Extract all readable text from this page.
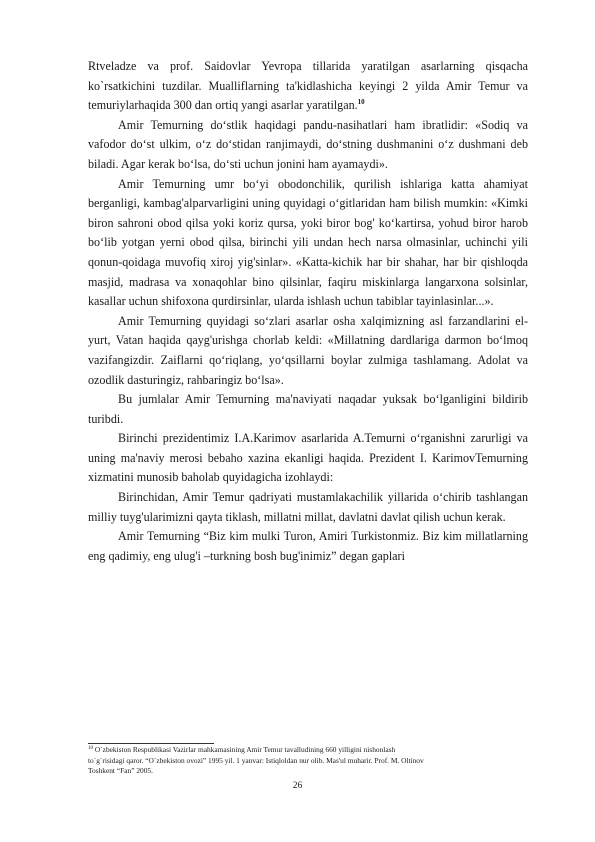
Rtveladze va prof. Saidovlar Yevropa tillarida yaratilgan asarlarning qisqacha ko`rsatkichini tuzdilar. Mualliflarning ta'kidlashicha keyingi 2 yilda Amir Temur va temuriylarhaqida 300 dan ortiq yangi asarlar yaratilgan.$^{10}$

Amir Temurning do‘stlik haqidagi pandu-nasihatlari ham ibratlidir: «Sodiq va vafodor do‘st ulkim, o‘z do‘stidan ranjimaydi, do‘stning dushmanini o‘z dushmani deb biladi. Agar kerak bo‘lsa, do‘sti uchun jonini ham ayamaydi».

Amir Temurning umr bo‘yi obodonchilik, qurilish ishlariga katta ahamiyat berganligi, kambag'alparvarligini uning quyidagi o‘gitlaridan ham bilish mumkin: «Kimki biron sahroni obod qilsa yoki koriz qursa, yoki biror bog' ko‘kartirsa, yohud biror harob bo‘lib yotgan yerni obod qilsa, birinchi yili undan hech narsa olmasinlar, uchinchi yili qonun-qoidaga muvofiq xiroj yig'sinlar». «Katta-kichik har bir shahar, har bir qishloqda masjid, madrasa va xonaqohlar bino qilsinlar, faqiru miskinlarga langarxona solsinlar, kasallar uchun shifoxona qurdirsinlar, ularda ishlash uchun tabiblar tayinlasinlar...».

Amir Temurning quyidagi so‘zlari asarlar osha xalqimizning asl farzandlarini el-yurt, Vatan haqida qayg'urishga chorlab keldi: «Millatning dardlariga darmon bo‘lmoq vazifangizdir. Zaiflarni qo‘riqlang, yo‘qsillarni boylar zulmiga tashlamang. Adolat va ozodlik dasturingiz, rahbaringiz bo‘lsa».

Bu jumlalar Amir Temurning ma'naviyati naqadar yuksak bo‘lganligini bildirib turibdi.

Birinchi prezidentimiz I.A.Karimov asarlarida A.Temurni o‘rganishni zarurligi va uning ma'naviy merosi bebaho xazina ekanligi haqida. Prezident I. KarimovTemurning xizmatini munosib baholab quyidagicha izohlaydi:

Birinchidan, Amir Temur qadriyati mustamlakachilik yillarida o‘chirib tashlangan milliy tuyg'ularimizni qayta tiklash, millatni millat, davlatni davlat qilish uchun kerak.

Amir Temurning “Biz kim mulki Turon, Amiri Turkistonmiz. Biz kim millatlarning eng qadimiy, eng ulug'i –turkning bosh bug'inimiz” degan gaplari

$^{10}$ O`zbekiston Respublikasi Vazirlar mahkamasining Amir Temur tavalludining 660 yilligini nishonlash
to`g`risidagi qaror. “O`zbekiston ovozi” 1995 yil. 1 yanvar: Istiqloldan nur olib. Mas'ul muharir. Prof. M. Oltinov
Toshkent “Fan” 2005.
26
